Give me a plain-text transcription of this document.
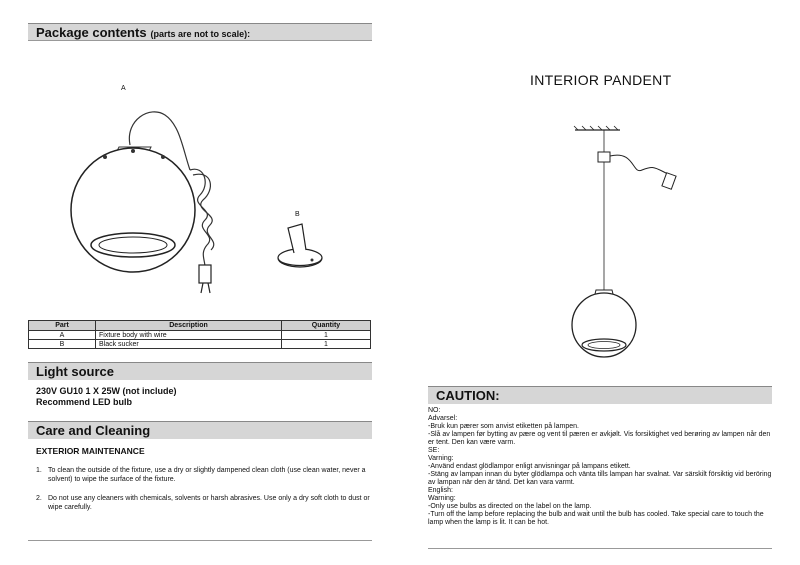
Package contents (parts are not to scale):
A
B
Part	Description	Quantity
A	Fixture body with wire	1
B	Black sucker	1
Light source
230V GU10 1 X 25W (not include)
Recommend LED bulb
Care and Cleaning
EXTERIOR MAINTENANCE
1. To clean the outside of the fixture, use a dry or slightly dampened clean cloth (use clean water, never a solvent) to wipe the surface of the fixture.
2. Do not use any cleaners with chemicals, solvents or harsh abrasives. Use only a dry soft cloth to dust or wipe carefully.
INTERIOR PANDENT
CAUTION:
NO:
Advarsel:
-Bruk kun pærer som anvist etiketten på lampen.
-Slå av lampen før bytting av pære og vent til pæren er avkjølt. Vis forsiktighet ved berøring av lampen når den er tent. Den kan være varm.
SE:
Varning:
-Använd endast glödlampor enligt anvisningar på lampans etikett.
-Stäng av lampan innan du byter glödlampa och vänta tills lampan har svalnat. Var särskilt försiktig vid beröring av lampan när den är tänd. Det kan vara varmt.
English:
Warning:
-Only use bulbs as directed on the label on the lamp.
-Turn off the lamp before replacing the bulb and wait until the bulb has cooled. Take special care to touch the lamp when the lamp is lit. It can be hot.
